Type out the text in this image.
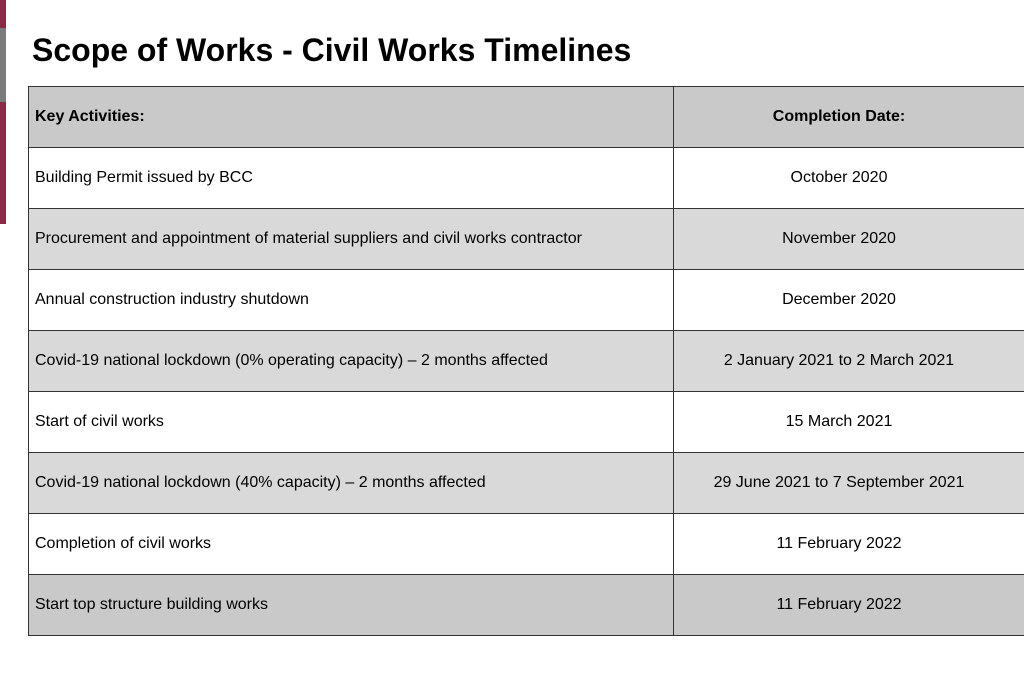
Scope of Works - Civil Works Timelines
Key Activities:	Completion Date:
Building Permit issued by BCC	October 2020
Procurement and appointment of material suppliers and civil works contractor	November 2020
Annual construction industry shutdown	December 2020
Covid-19 national lockdown (0% operating capacity) – 2 months affected	2 January 2021 to 2 March 2021
Start of civil works	15 March 2021
Covid-19 national lockdown (40% capacity) – 2 months affected	29 June 2021 to 7 September 2021
Completion of civil works	11 February 2022
Start top structure building works	11 February 2022
